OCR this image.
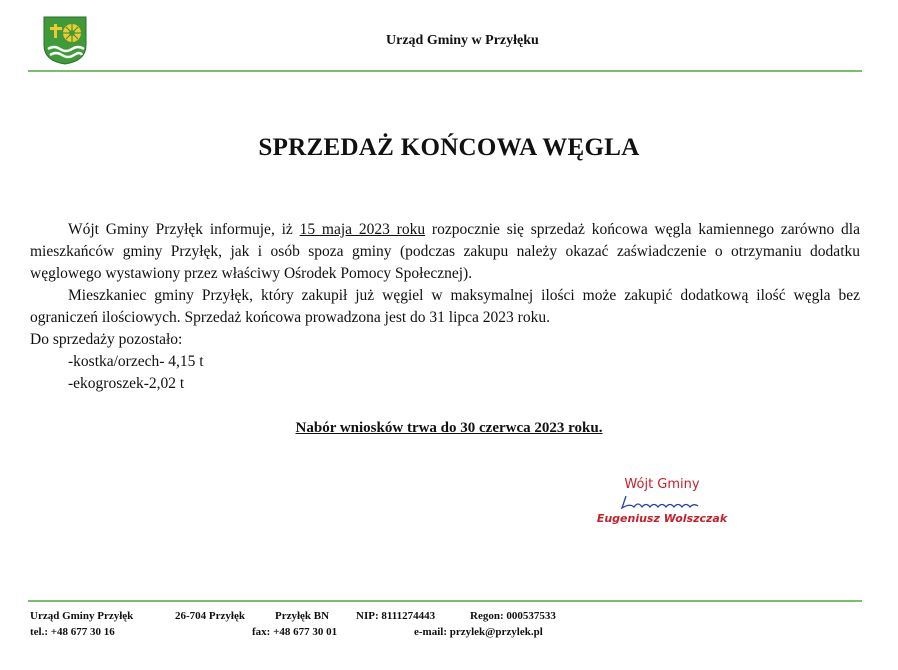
Urząd Gminy w Przyłęku
SPRZEDAŻ KOŃCOWA WĘGLA

Wójt Gminy Przyłęk informuje, iż 15 maja 2023 roku rozpocznie się sprzedaż końcowa węgla kamiennego zarówno dla mieszkańców gminy Przyłęk, jak i osób spoza gminy (podczas zakupu należy okazać zaświadczenie o otrzymaniu dodatku węglowego wystawiony przez właściwy Ośrodek Pomocy Społecznej).

Mieszkaniec gminy Przyłęk, który zakupił już węgiel w maksymalnej ilości może zakupić dodatkową ilość węgla bez ograniczeń ilościowych. Sprzedaż końcowa prowadzona jest do 31 lipca 2023 roku.

Do sprzedaży pozostało:

-kostka/orzech- 4,15 t

-ekogroszek-2,02 t

Nabór wniosków trwa do 30 czerwca 2023 roku.
Wójt Gminy
Eugeniusz Wolszczak
Urząd Gminy Przyłęk
tel.: +48 677 30 16
26-704 Przyłęk	Przyłęk BN
fax: +48 677 30 01
NIP: 8111274443	Regon: 000537533
e-mail: przylek@przylek.pl
